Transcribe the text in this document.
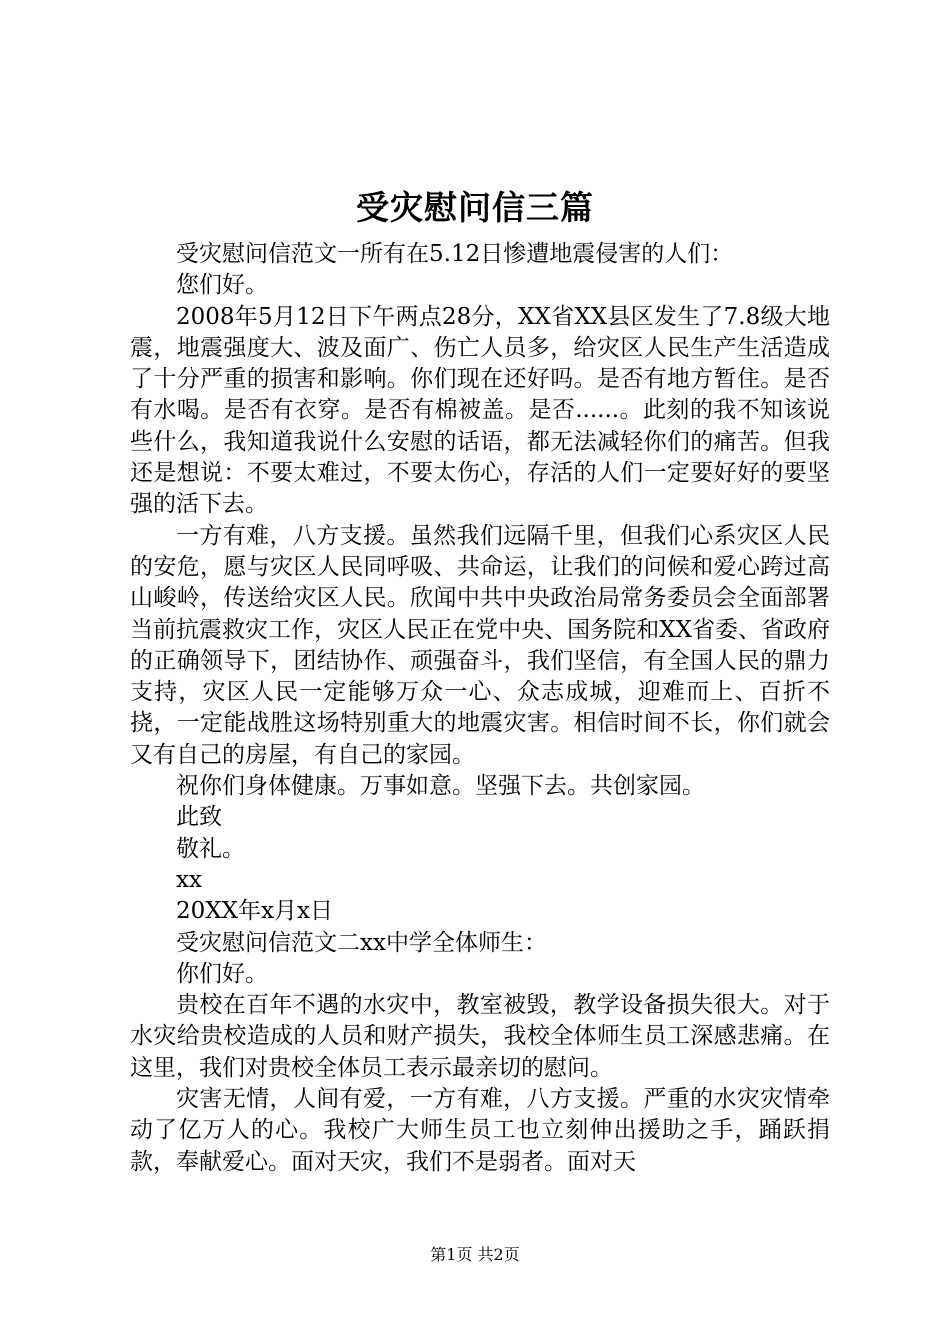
受灾慰问信三篇

受灾慰问信范文一所有在5.12日惨遭地震侵害的人们：

您们好。

2008年5月12日下午两点28分，XX省XX县区发生了7.8级大地震，地震强度大、波及面广、伤亡人员多，给灾区人民生产生活造成了十分严重的损害和影响。你们现在还好吗。是否有地方暂住。是否有水喝。是否有衣穿。是否有棉被盖。是否......。此刻的我不知该说些什么，我知道我说什么安慰的话语，都无法减轻你们的痛苦。但我还是想说：不要太难过，不要太伤心，存活的人们一定要好好的要坚强的活下去。

一方有难，八方支援。虽然我们远隔千里，但我们心系灾区人民的安危，愿与灾区人民同呼吸、共命运，让我们的问候和爱心跨过高山峻岭，传送给灾区人民。欣闻中共中央政治局常务委员会全面部署当前抗震救灾工作，灾区人民正在党中央、国务院和XX省委、省政府的正确领导下，团结协作、顽强奋斗，我们坚信，有全国人民的鼎力支持，灾区人民一定能够万众一心、众志成城，迎难而上、百折不挠，一定能战胜这场特别重大的地震灾害。相信时间不长，你们就会又有自己的房屋，有自己的家园。

祝你们身体健康。万事如意。坚强下去。共创家园。

此致

敬礼。

xx

20XX年x月x日

受灾慰问信范文二xx中学全体师生：

你们好。

贵校在百年不遇的水灾中，教室被毁，教学设备损失很大。对于水灾给贵校造成的人员和财产损失，我校全体师生员工深感悲痛。在这里，我们对贵校全体员工表示最亲切的慰问。

灾害无情，人间有爱，一方有难，八方支援。严重的水灾灾情牵动了亿万人的心。我校广大师生员工也立刻伸出援助之手，踊跃捐款，奉献爱心。面对天灾，我们不是弱者。面对天

第1页 共2页
